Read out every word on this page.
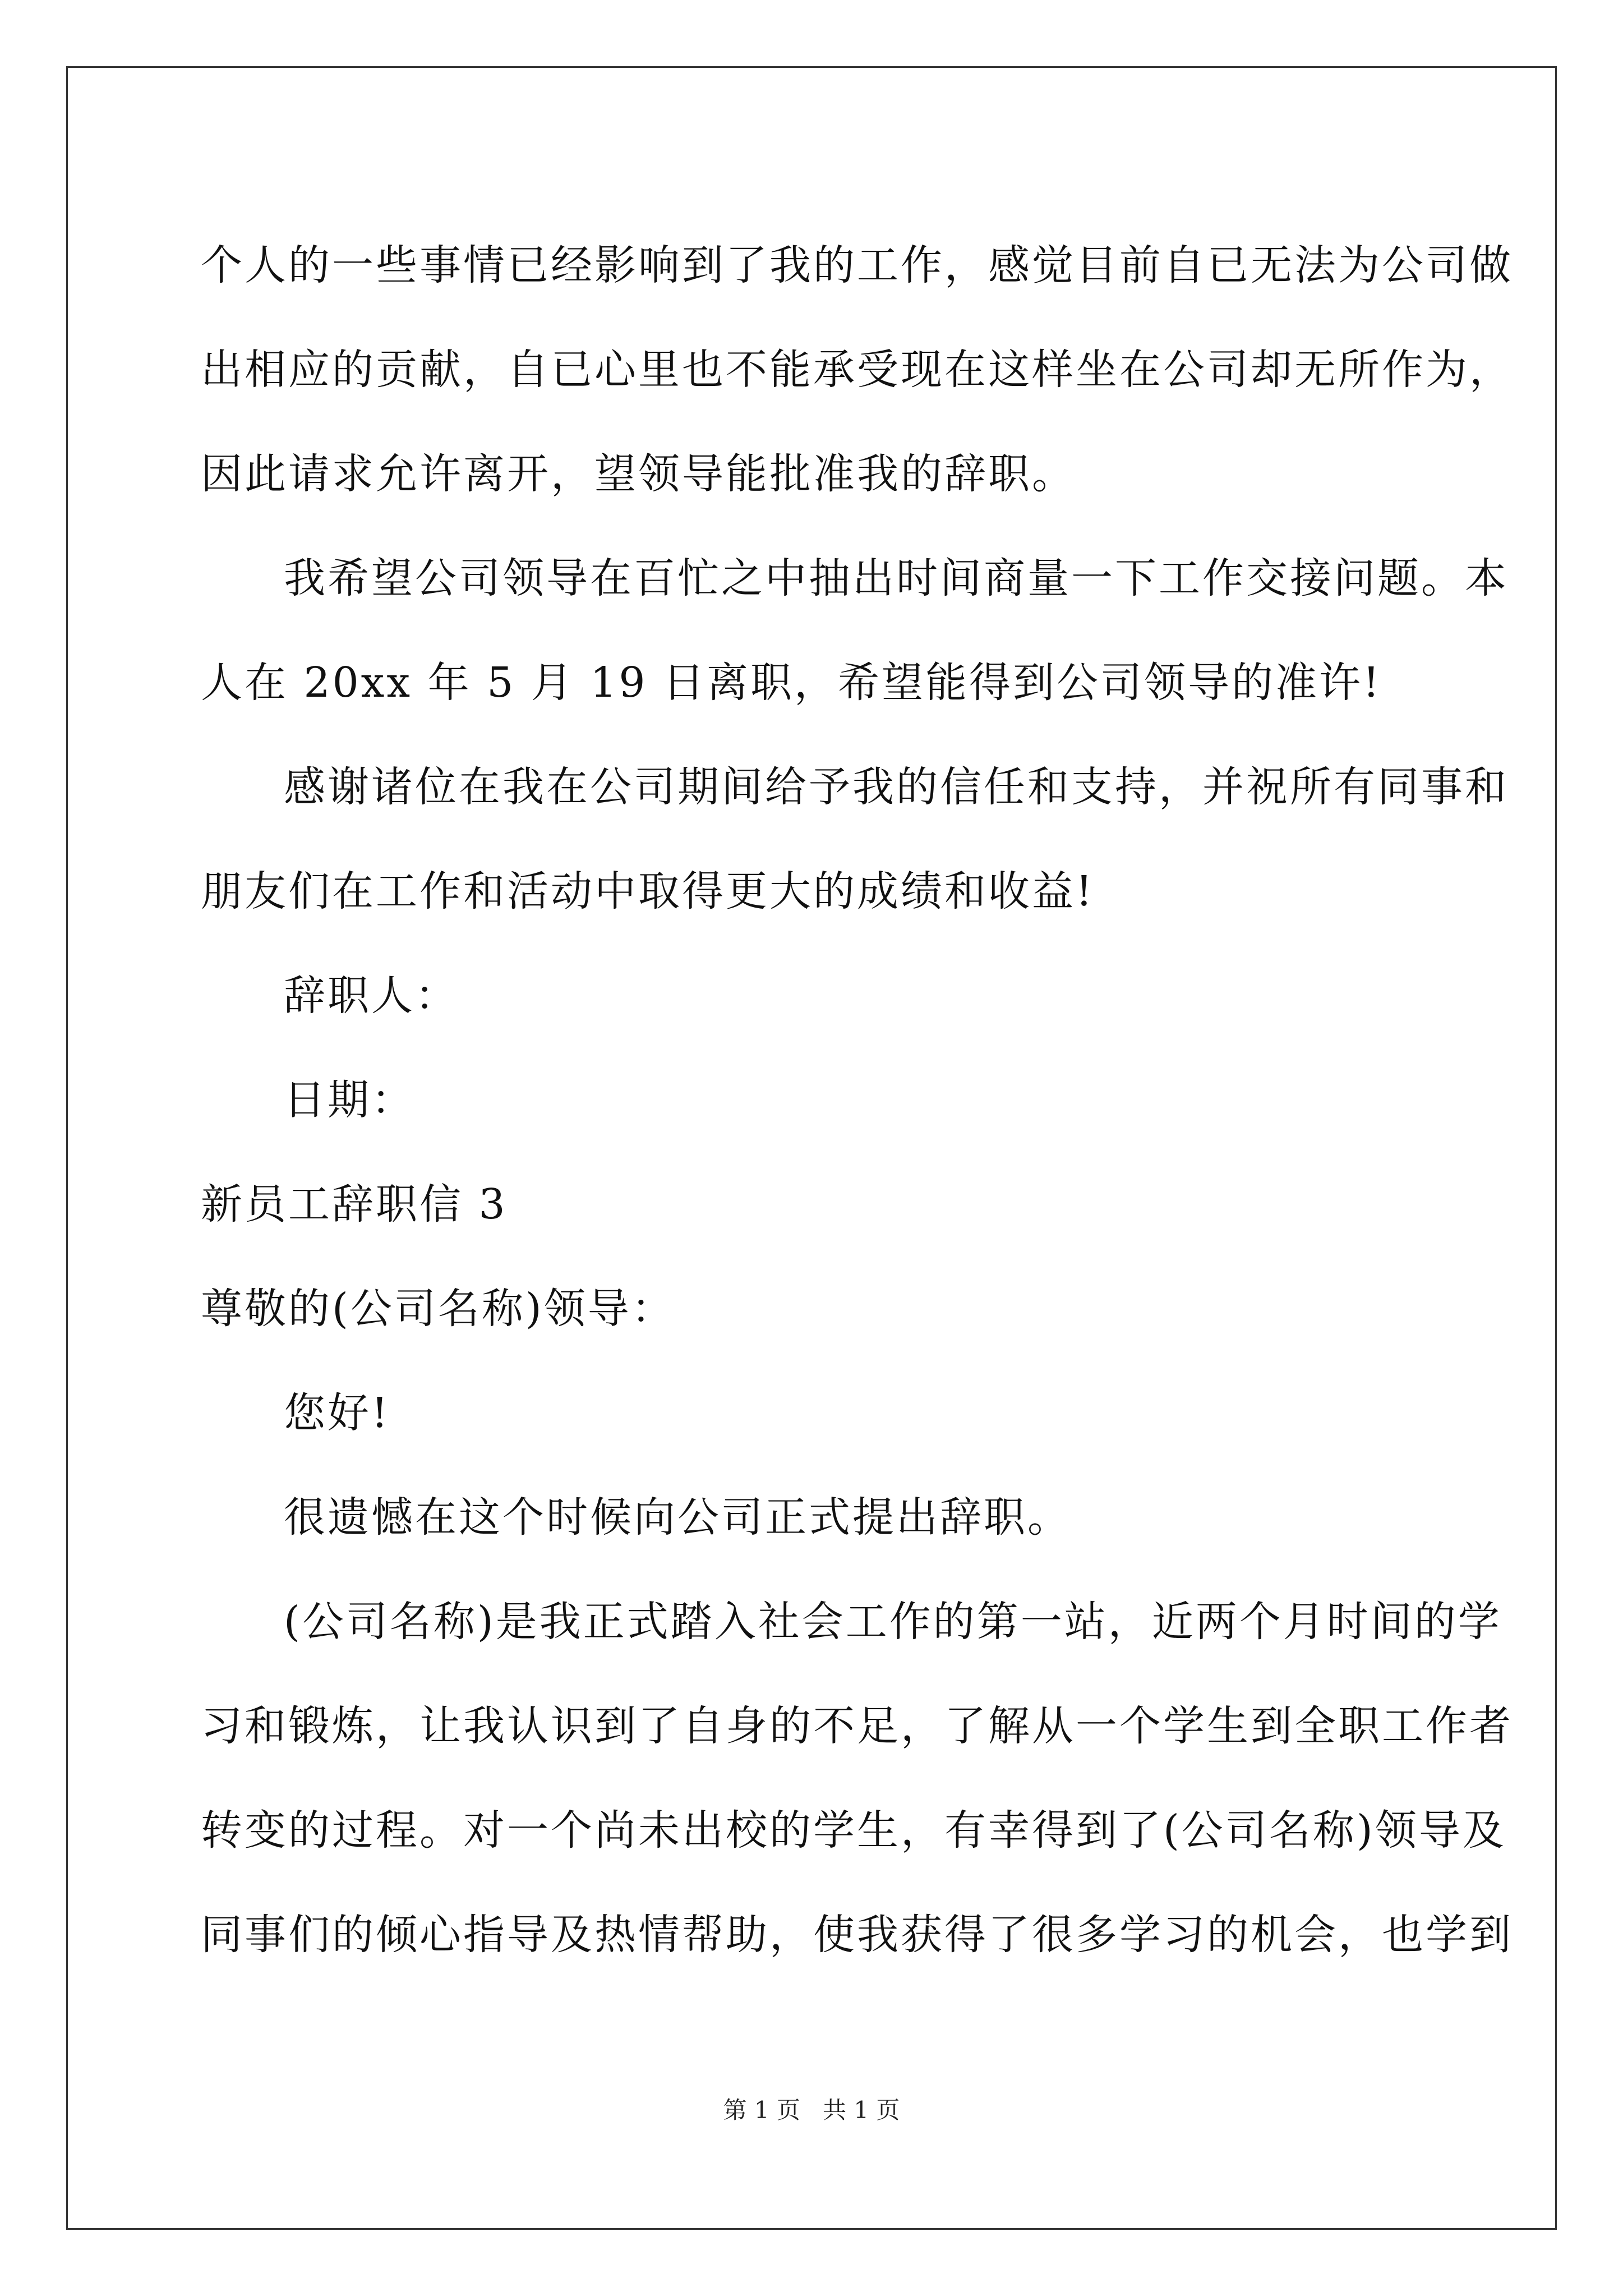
个人的一些事情已经影响到了我的工作，感觉目前自已无法为公司做
出相应的贡献，自已心里也不能承受现在这样坐在公司却无所作为，
因此请求允许离开，望领导能批准我的辞职。
我希望公司领导在百忙之中抽出时间商量一下工作交接问题。本
人在 20xx 年 5 月 19 日离职，希望能得到公司领导的准许!
感谢诸位在我在公司期间给予我的信任和支持，并祝所有同事和
朋友们在工作和活动中取得更大的成绩和收益!
辞职人：
日期：
新员工辞职信 3
尊敬的(公司名称)领导：
您好!
很遗憾在这个时候向公司正式提出辞职。
(公司名称)是我正式踏入社会工作的第一站，近两个月时间的学
习和锻炼，让我认识到了自身的不足，了解从一个学生到全职工作者
转变的过程。对一个尚未出校的学生，有幸得到了(公司名称)领导及
同事们的倾心指导及热情帮助，使我获得了很多学习的机会，也学到
第 1 页 共 1 页
